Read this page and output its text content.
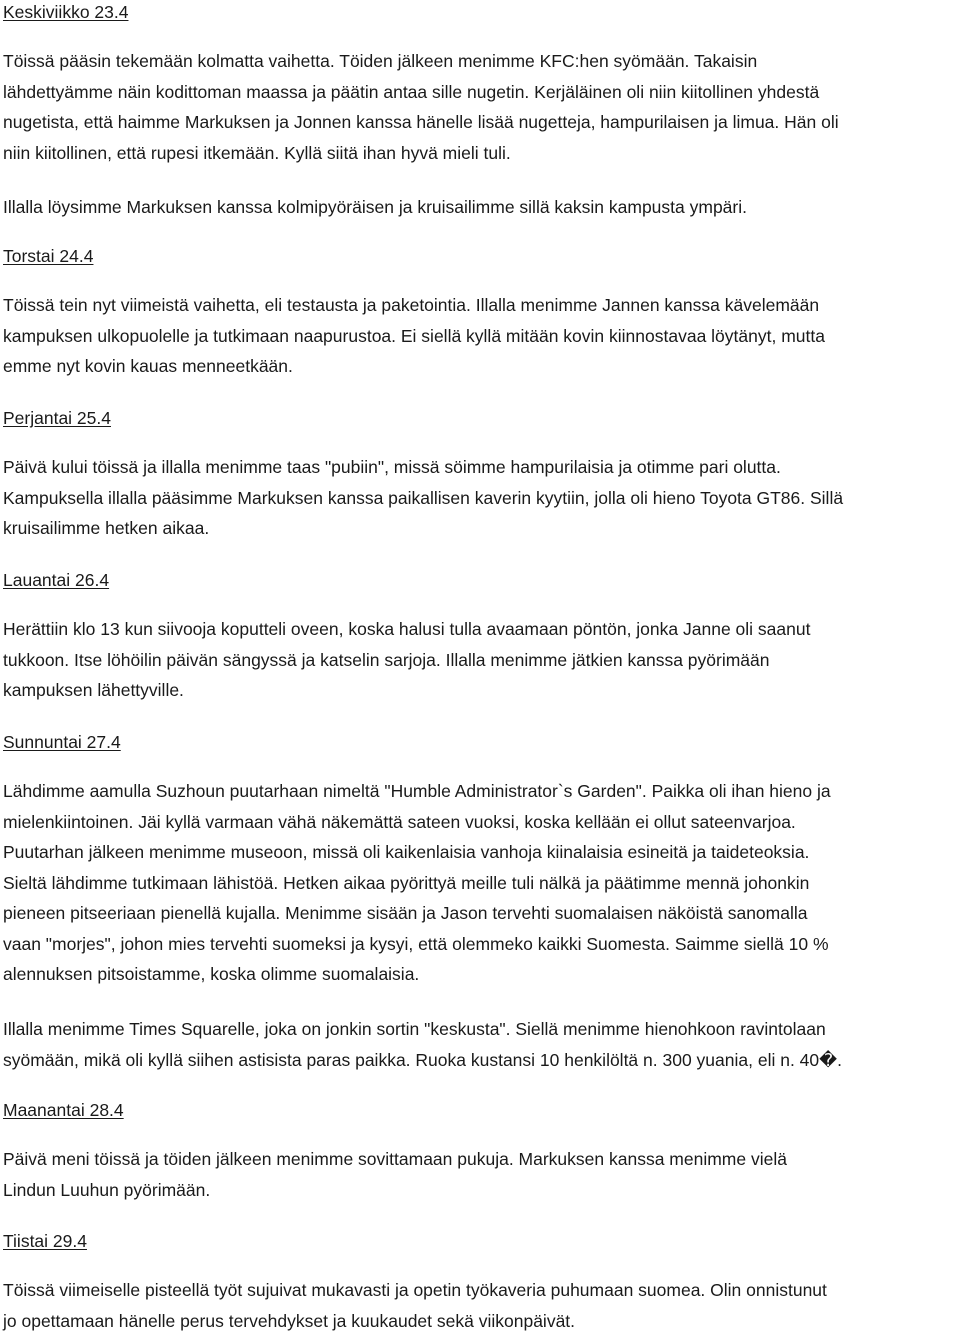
Keskiviikko 23.4
Töissä pääsin tekemään kolmatta vaihetta. Töiden jälkeen menimme KFC:hen syömään. Takaisin
lähdettyämme näin kodittoman maassa ja päätin antaa sille nugetin. Kerjäläinen oli niin kiitollinen yhdestä
nugetista, että haimme Markuksen ja Jonnen kanssa hänelle lisää nugetteja, hampurilaisen ja limua. Hän oli
niin kiitollinen, että rupesi itkemään. Kyllä siitä ihan hyvä mieli tuli.
Illalla löysimme Markuksen kanssa kolmipyöräisen ja kruisailimme sillä kaksin kampusta ympäri.
Torstai 24.4
Töissä tein nyt viimeistä vaihetta, eli testausta ja paketointia. Illalla menimme Jannen kanssa kävelemään
kampuksen ulkopuolelle ja tutkimaan naapurustoa. Ei siellä kyllä mitään kovin kiinnostavaa löytänyt, mutta
emme nyt kovin kauas menneetkään.
Perjantai 25.4
Päivä kului töissä ja illalla menimme taas "pubiin", missä söimme hampurilaisia ja otimme pari olutta.
Kampuksella illalla pääsimme Markuksen kanssa paikallisen kaverin kyytiin, jolla oli hieno Toyota GT86. Sillä
kruisailimme hetken aikaa.
Lauantai 26.4
Herättiin klo 13 kun siivooja koputteli oveen, koska halusi tulla avaamaan pöntön, jonka Janne oli saanut
tukkoon. Itse löhöilin päivän sängyssä ja katselin sarjoja. Illalla menimme jätkien kanssa pyörimään
kampuksen lähettyville.
Sunnuntai 27.4
Lähdimme aamulla Suzhoun puutarhaan nimeltä "Humble Administrator`s Garden". Paikka oli ihan hieno ja
mielenkiintoinen. Jäi kyllä varmaan vähä näkemättä sateen vuoksi, koska kellään ei ollut sateenvarjoa.
Puutarhan jälkeen menimme museoon, missä oli kaikenlaisia vanhoja kiinalaisia esineitä ja taideteoksia.
Sieltä lähdimme tutkimaan lähistöä. Hetken aikaa pyörittyä meille tuli nälkä ja päätimme mennä johonkin
pieneen pitseeriaan pienellä kujalla. Menimme sisään ja Jason tervehti suomalaisen näköistä sanomalla
vaan "morjes", johon mies tervehti suomeksi ja kysyi, että olemmeko kaikki Suomesta. Saimme siellä 10 %
alennuksen pitsoistamme, koska olimme suomalaisia.
Illalla menimme Times Squarelle, joka on jonkin sortin "keskusta". Siellä menimme hienohkoon ravintolaan
syömään, mikä oli kyllä siihen astisista paras paikka. Ruoka kustansi 10 henkilöltä n. 300 yuania, eli n. 40�.
Maanantai 28.4
Päivä meni töissä ja töiden jälkeen menimme sovittamaan pukuja. Markuksen kanssa menimme vielä
Lindun Luuhun pyörimään.
Tiistai 29.4
Töissä viimeiselle pisteellä työt sujuivat mukavasti ja opetin työkaveria puhumaan suomea. Olin onnistunut
jo opettamaan hänelle perus tervehdykset ja kuukaudet sekä viikonpäivät.
